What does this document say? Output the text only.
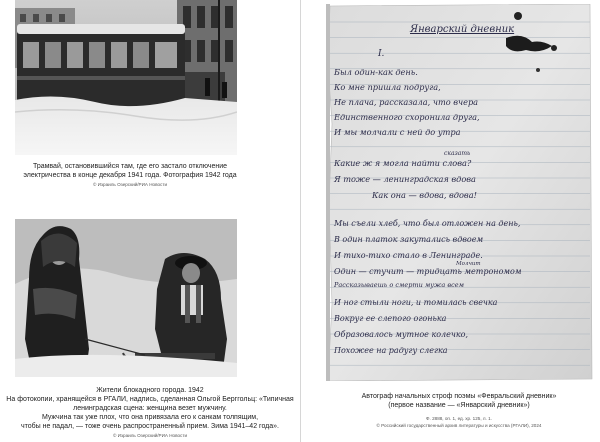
Трамвай, остановившийся там, где его застало отключение электричества в конце декабря 1941 года. Фотография 1942 года
© Израиль Озерский/РИА Новости
Жители блокадного города. 1942
На фотокопии, хранящейся в РГАЛИ, надпись, сделанная Ольгой Берггольц: «Типичная
ленинградская сцена: женщина везет мужчину.
Мужчина так уже плох, что она привязала его к санкам толпящим,
чтобы не падал, — тоже очень распространенный прием. Зима 1941–42 года».
© Израиль Озерский/РИА Новости
Январский дневник
I.
Был один-как день.
Ко мне пришла подруга,
Не плача, рассказала, что вчера
Единственного схоронила друга,
И мы молчали с ней до утра
сказать
Какие ж я могла найти слова?
Я тоже — ленинградская вдова
Как она — вдова, вдова!
Мы съели хлеб, что был отложен на день,
В один платок закутались вдвоем
И тихо-тихо стало в Ленинграде.
Молчит
Один — стучит — тридцать метрономом
Рассказываешь о смерти мужа всем
И ног стыли ноги, и томилась свечка
Вокруг ее слепого огонька
Образовалось мутное колечко,
Похожее на радугу слегка
Автограф начальных строф поэмы «Февральский дневник»
(первое название — «Январский дневник»)
Ф. 2888, оп. 1, ед. хр. 125, л. 1.
© Российский государственный архив литературы и искусства (РГАЛИ), 2024
